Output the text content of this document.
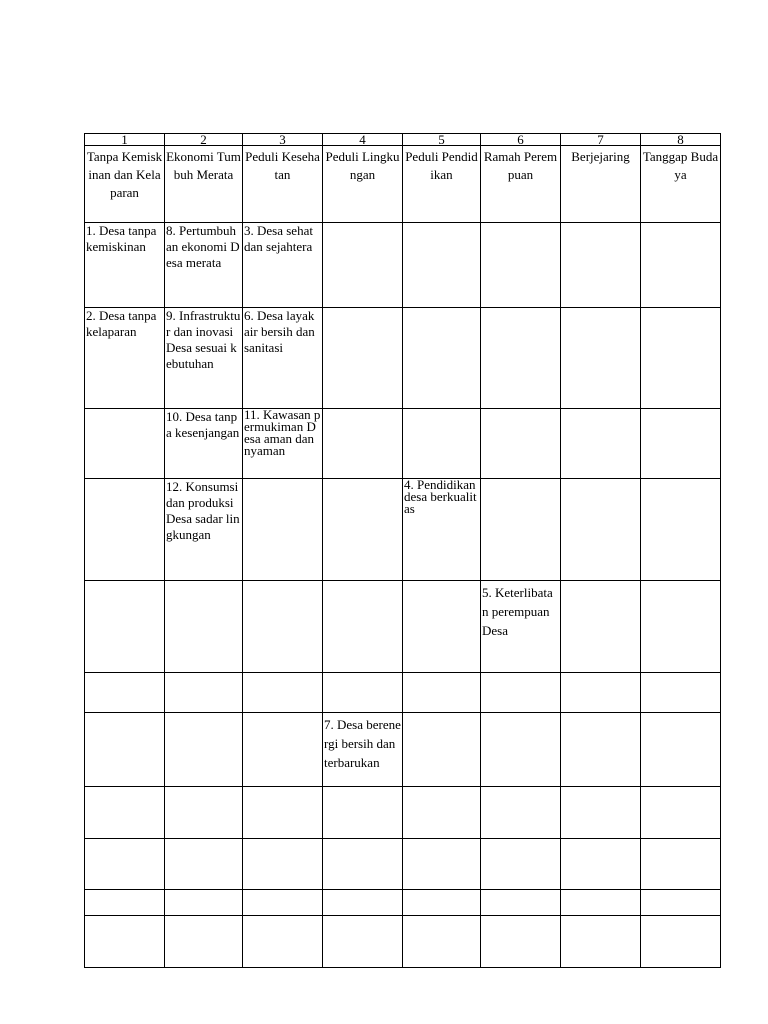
1	2	3	4	5	6	7	8

Tanpa Kemiskinan dan Kelaparan	Ekonomi Tumbuh Merata	Peduli Kesehatan	Peduli Lingkungan	Peduli Pendidikan	Ramah Perempuan	Berjejaring	Tanggap Budaya

1. Desa tanpa kemiskinan	8. Pertumbuhan ekonomi Desa merata	3. Desa sehat dan sejahtera					

2. Desa tanpa kelaparan	9. Infrastruktur dan inovasi Desa sesuai kebutuhan	6. Desa layak air bersih dan sanitasi					

	10. Desa tanpa kesenjangan	11. Kawasan permukiman Desa aman dan nyaman					

	12. Konsumsi dan produksi Desa sadar lingkungan			4. Pendidikan desa berkualitas			

					5. Keterlibatan perempuan Desa		

			7. Desa berenergi bersih dan terbarukan				
